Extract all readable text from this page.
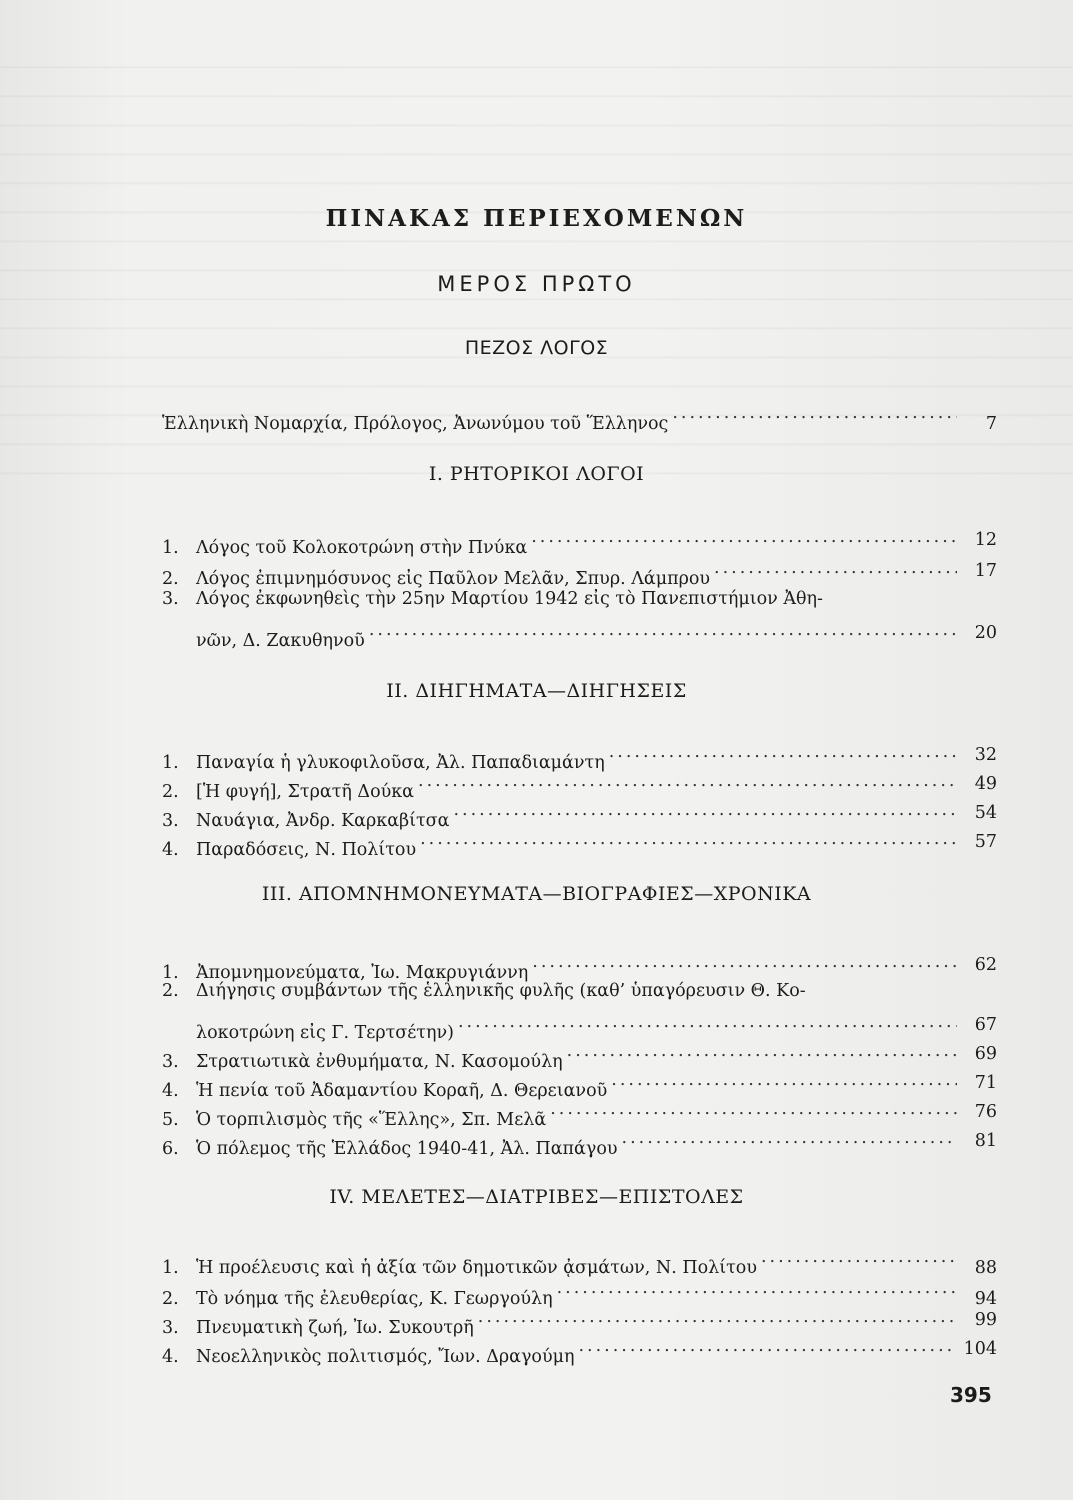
ΠΙΝΑΚΑΣ ΠΕΡΙΕΧΟΜΕΝΩΝ
ΜΕΡΟΣ ΠΡΩΤΟ
ΠΕΖΟΣ ΛΟΓΟΣ
Ἑλληνικὴ Νομαρχία, Πρόλογος, Ἀνωνύμου τοῦ Ἕλληνος .....	7
I. ΡΗΤΟΡΙΚΟΙ ΛΟΓΟΙ
1. Λόγος τοῦ Κολοκοτρώνη στὴν Πνύκα .....	12
2. Λόγος ἐπιμνημόσυνος εἰς Παῦλον Μελᾶν, Σπυρ. Λάμπρου .....	17
3. Λόγος ἐκφωνηθεὶς τὴν 25ην Μαρτίου 1942 εἰς τὸ Πανεπιστήμιον Ἀθη-
νῶν, Δ. Ζακυθηνοῦ .....	20
II. ΔΙΗΓΗΜΑΤΑ—ΔΙΗΓΗΣΕΙΣ
1. Παναγία ἡ γλυκοφιλοῦσα, Ἀλ. Παπαδιαμάντη .....	32
2. [Ἡ φυγή], Στρατῆ Δούκα .....	49
3. Ναυάγια, Ἀνδρ. Καρκαβίτσα .....	54
4. Παραδόσεις, Ν. Πολίτου .....	57
III. ΑΠΟΜΝΗΜΟΝΕΥΜΑΤΑ—ΒΙΟΓΡΑΦΙΕΣ—ΧΡΟΝΙΚΑ
1. Ἀπομνημονεύματα, Ἰω. Μακρυγιάννη .....	62
2. Διήγησις συμβάντων τῆς ἑλληνικῆς φυλῆς (καθ’ ὑπαγόρευσιν Θ. Κο-
λοκοτρώνη εἰς Γ. Τερτσέτην) .....	67
3. Στρατιωτικὰ ἐνθυμήματα, Ν. Κασομούλη .....	69
4. Ἡ πενία τοῦ Ἀδαμαντίου Κοραῆ, Δ. Θερειανοῦ .....	71
5. Ὁ τορπιλισμὸς τῆς «Ἕλλης», Σπ. Μελᾶ .....	76
6. Ὁ πόλεμος τῆς Ἑλλάδος 1940-41, Ἀλ. Παπάγου .....	81
IV. ΜΕΛΕΤΕΣ—ΔΙΑΤΡΙΒΕΣ—ΕΠΙΣΤΟΛΕΣ
1. Ἡ προέλευσις καὶ ἡ ἀξία τῶν δημοτικῶν ᾀσμάτων, Ν. Πολίτου .....	88
2. Τὸ νόημα τῆς ἐλευθερίας, Κ. Γεωργούλη .....	94
3. Πνευματικὴ ζωή, Ἰω. Συκουτρῆ .....	99
4. Νεοελληνικὸς πολιτισμός, Ἴων. Δραγούμη .....	104
395
